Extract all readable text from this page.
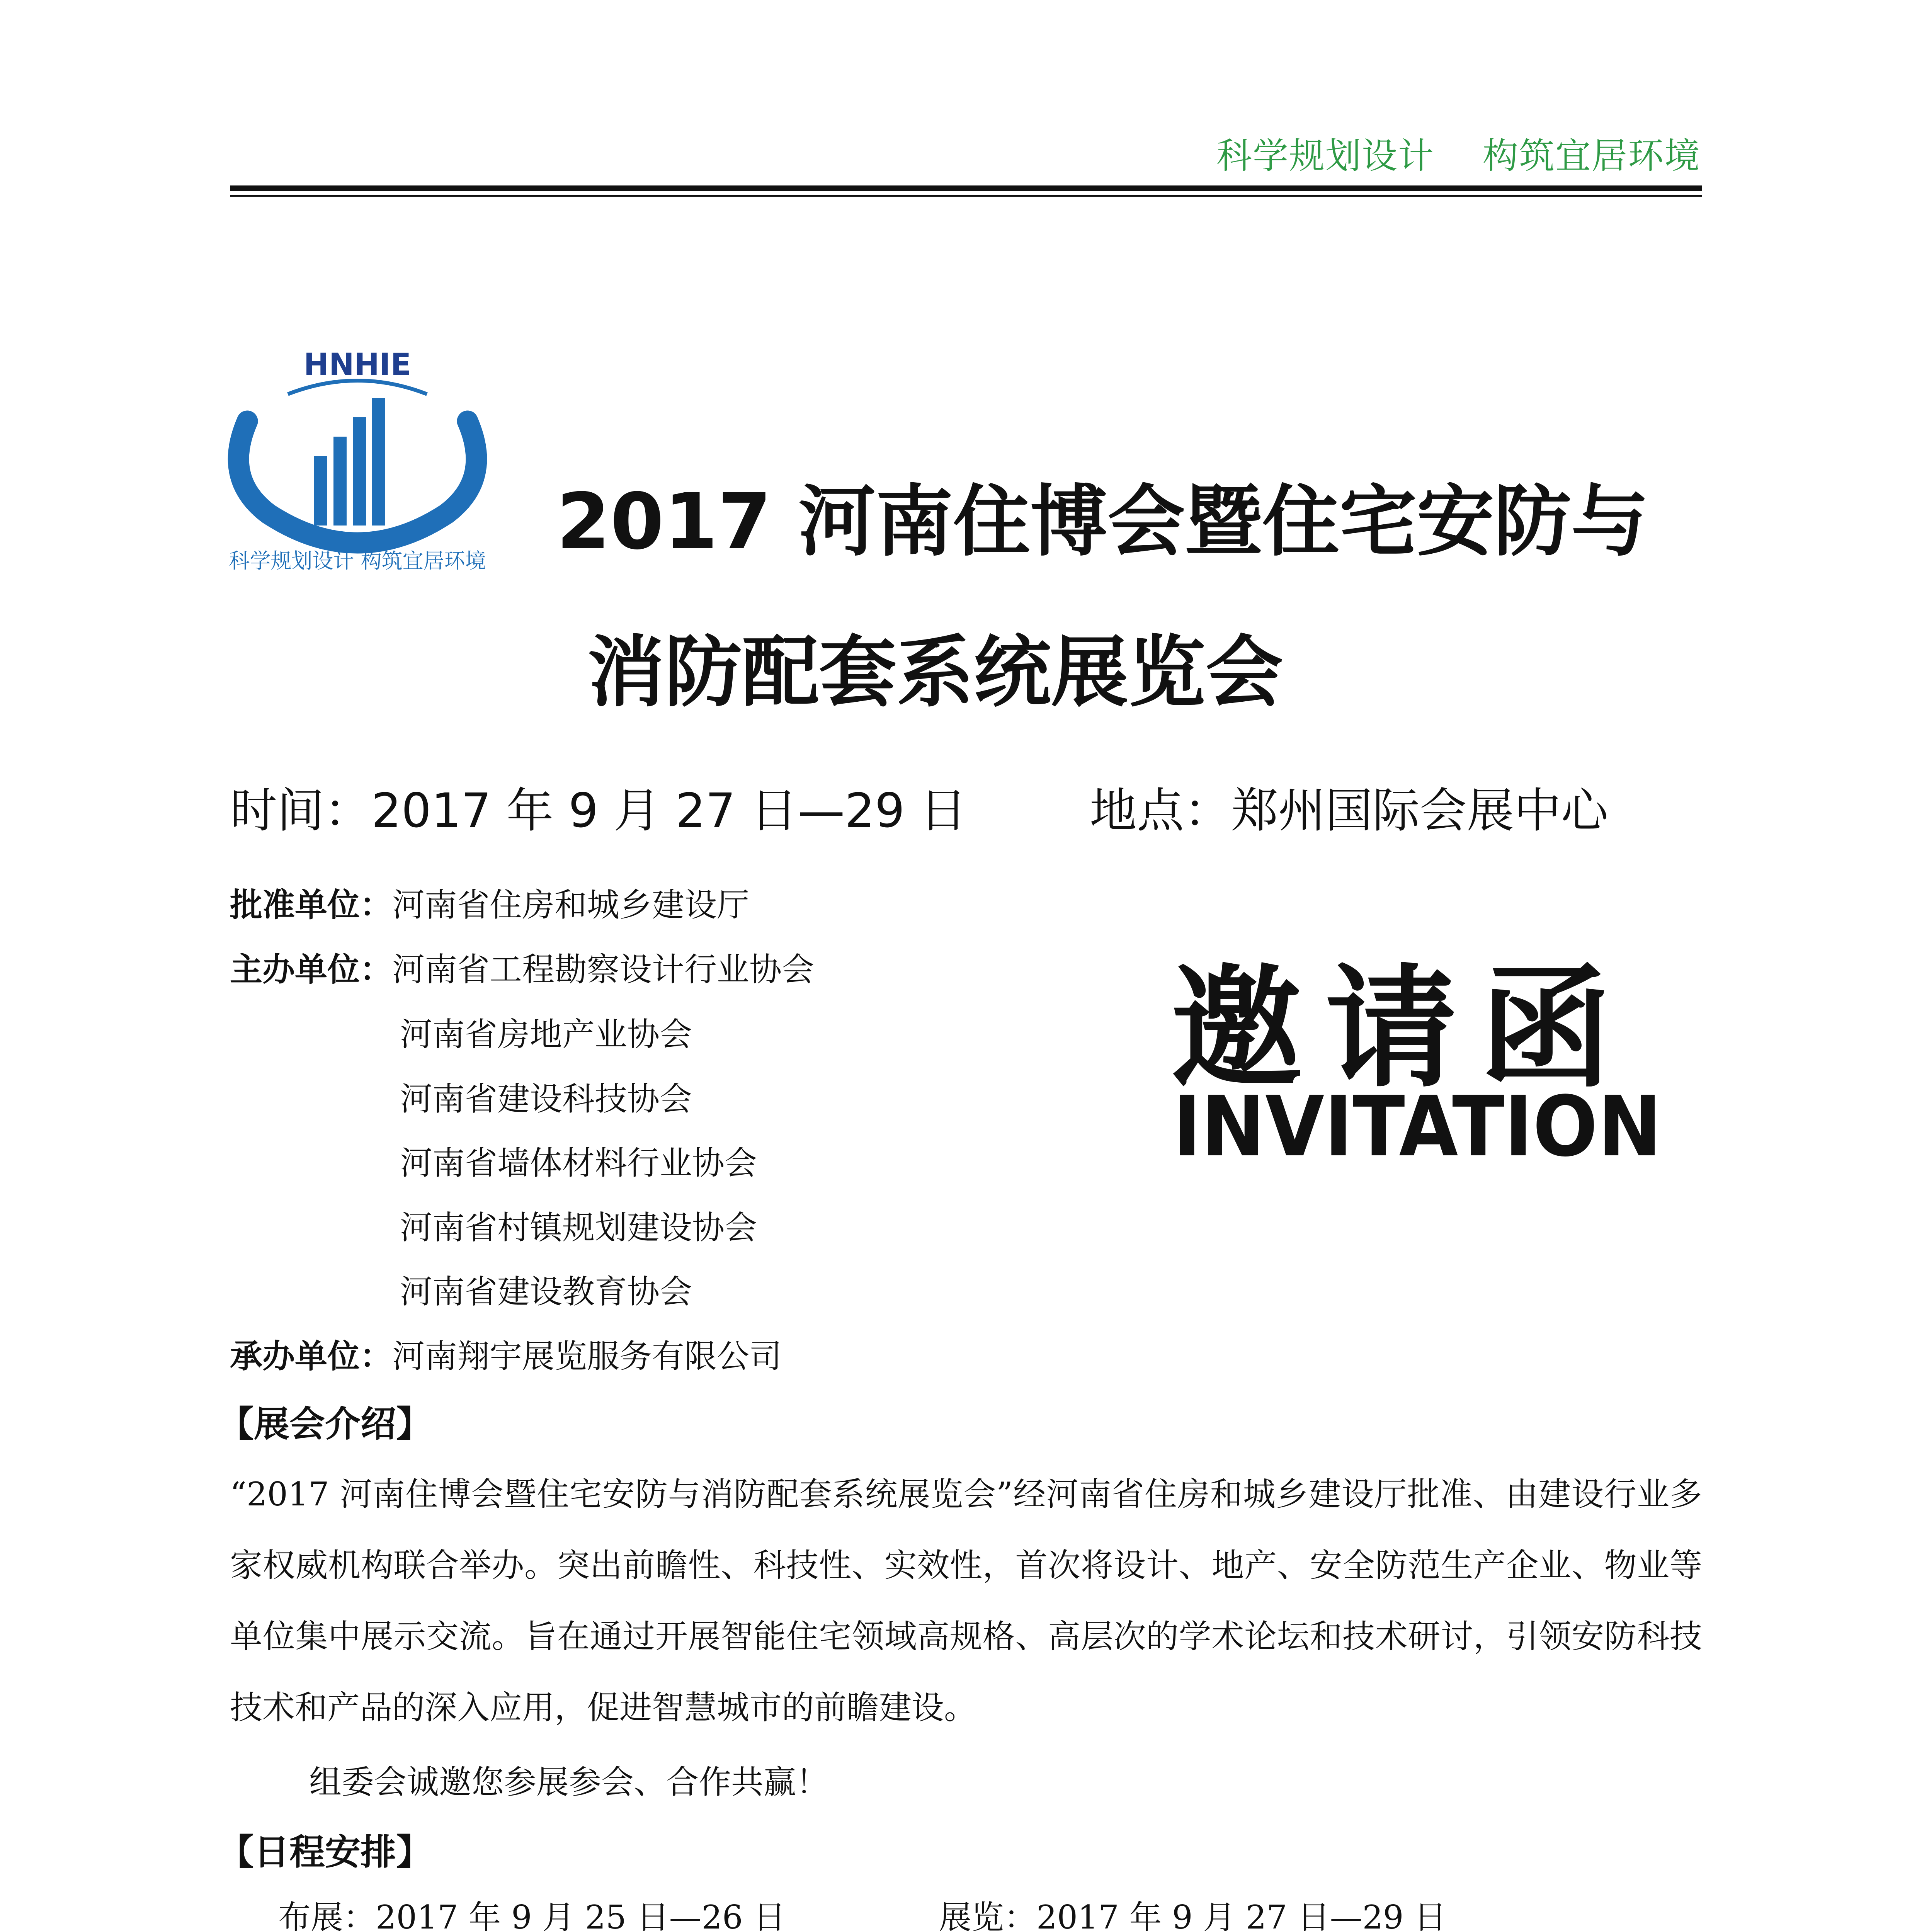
科学规划设计    构筑宜居环境
HNHIE
科学规划设计 构筑宜居环境 2017 河南住博会暨住宅安防与
消防配套系统展览会
时间：2017 年 9 月 27 日—29 日	地点：郑州国际会展中心
批准单位：河南省住房和城乡建设厅
主办单位：河南省工程勘察设计行业协会
河南省房地产业协会
河南省建设科技协会
河南省墙体材料行业协会
河南省村镇规划建设协会
河南省建设教育协会
承办单位：河南翔宇展览服务有限公司
邀请函
INVITATION
【展会介绍】
“2017 河南住博会暨住宅安防与消防配套系统展览会”经河南省住房和城乡建设厅批准、由建设行业多家权威机构联合举办。突出前瞻性、科技性、实效性，首次将设计、地产、安全防范生产企业、物业等单位集中展示交流。旨在通过开展智能住宅领域高规格、高层次的学术论坛和技术研讨，引领安防科技技术和产品的深入应用，促进智慧城市的前瞻建设。
组委会诚邀您参展参会、合作共赢！
【日程安排】
布展：2017 年 9 月 25 日—26 日	展览：2017 年 9 月 27 日—29 日
